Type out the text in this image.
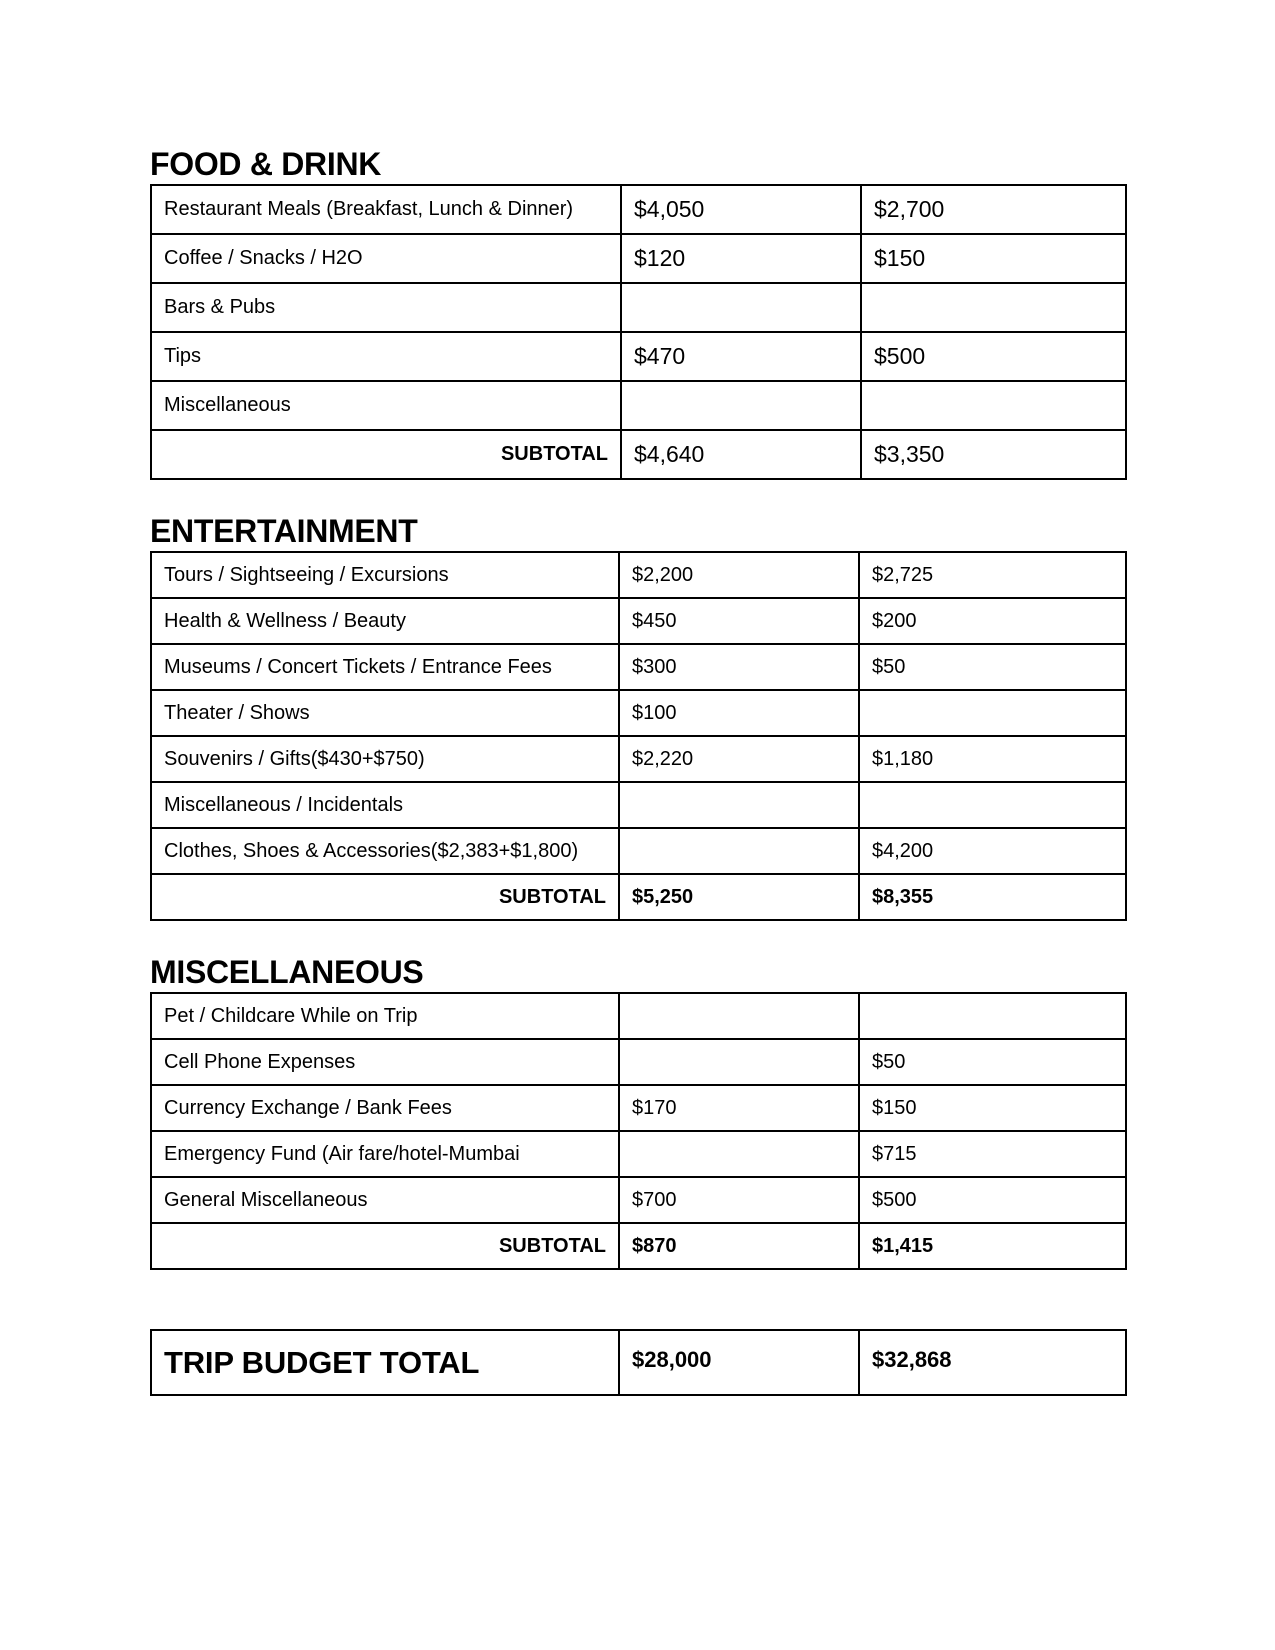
FOOD & DRINK
Restaurant Meals (Breakfast, Lunch & Dinner)	$4,050	$2,700
Coffee / Snacks / H2O	$120	$150
Bars & Pubs		
Tips	$470	$500
Miscellaneous		
SUBTOTAL	$4,640	$3,350
ENTERTAINMENT
Tours / Sightseeing / Excursions	$2,200	$2,725
Health & Wellness / Beauty	$450	$200
Museums / Concert Tickets / Entrance Fees	$300	$50
Theater / Shows	$100	
Souvenirs / Gifts($430+$750)	$2,220	$1,180
Miscellaneous / Incidentals		
Clothes, Shoes & Accessories($2,383+$1,800)		$4,200
SUBTOTAL	$5,250	$8,355
MISCELLANEOUS
Pet / Childcare While on Trip		
Cell Phone Expenses		$50
Currency Exchange / Bank Fees	$170	$150
Emergency Fund (Air fare/hotel-Mumbai		$715
General Miscellaneous	$700	$500
SUBTOTAL	$870	$1,415
TRIP BUDGET TOTAL	$28,000	$32,868
